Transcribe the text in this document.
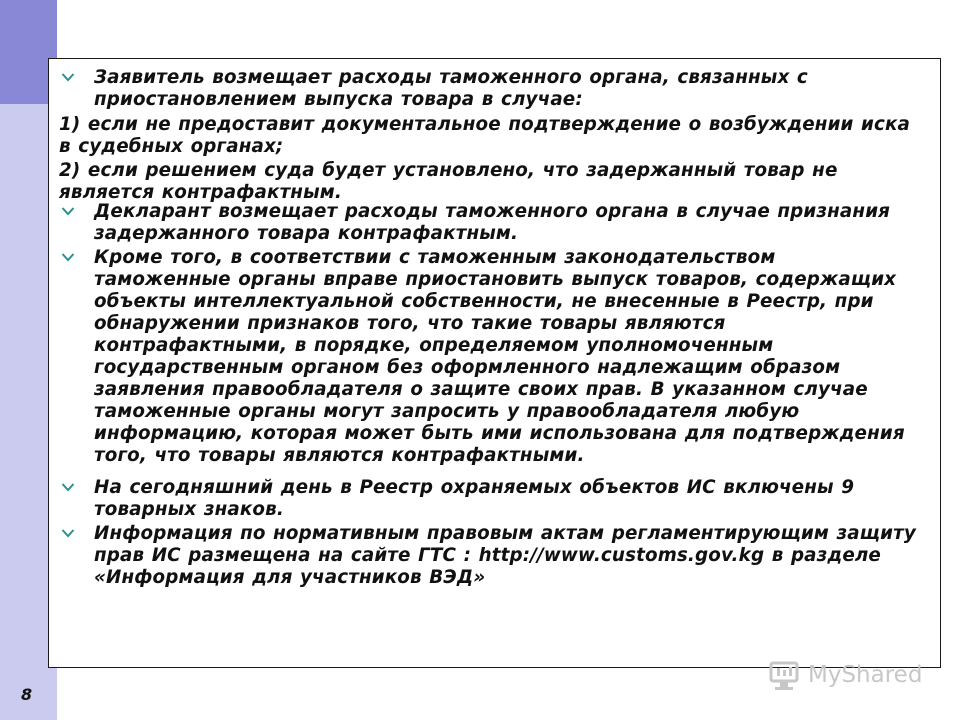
Заявитель возмещает расходы таможенного органа, связанных с приостановлением выпуска товара в случае:
1) если не предоставит документальное подтверждение о возбуждении иска в судебных органах;
2) если решением суда будет установлено, что задержанный товар не является контрафактным.
Декларант возмещает расходы таможенного органа в случае признания задержанного товара контрафактным.
Кроме того, в соответствии с таможенным законодательством таможенные органы вправе приостановить выпуск товаров, содержащих объекты интеллектуальной собственности, не внесенные в Реестр, при обнаружении признаков того, что такие товары являются контрафактными, в порядке, определяемом уполномоченным государственным органом без оформленного надлежащим образом заявления правообладателя о защите своих прав. В указанном случае таможенные органы могут запросить у правообладателя любую информацию, которая может быть ими использована для подтверждения того, что товары являются контрафактными.
На сегодняшний день в Реестр охраняемых объектов ИС включены 9 товарных знаков.
Информация по нормативным правовым актам регламентирующим защиту прав ИС размещена на сайте ГТС : http://www.customs.gov.kg в разделе «Информация для участников ВЭД»
8
MyShared
